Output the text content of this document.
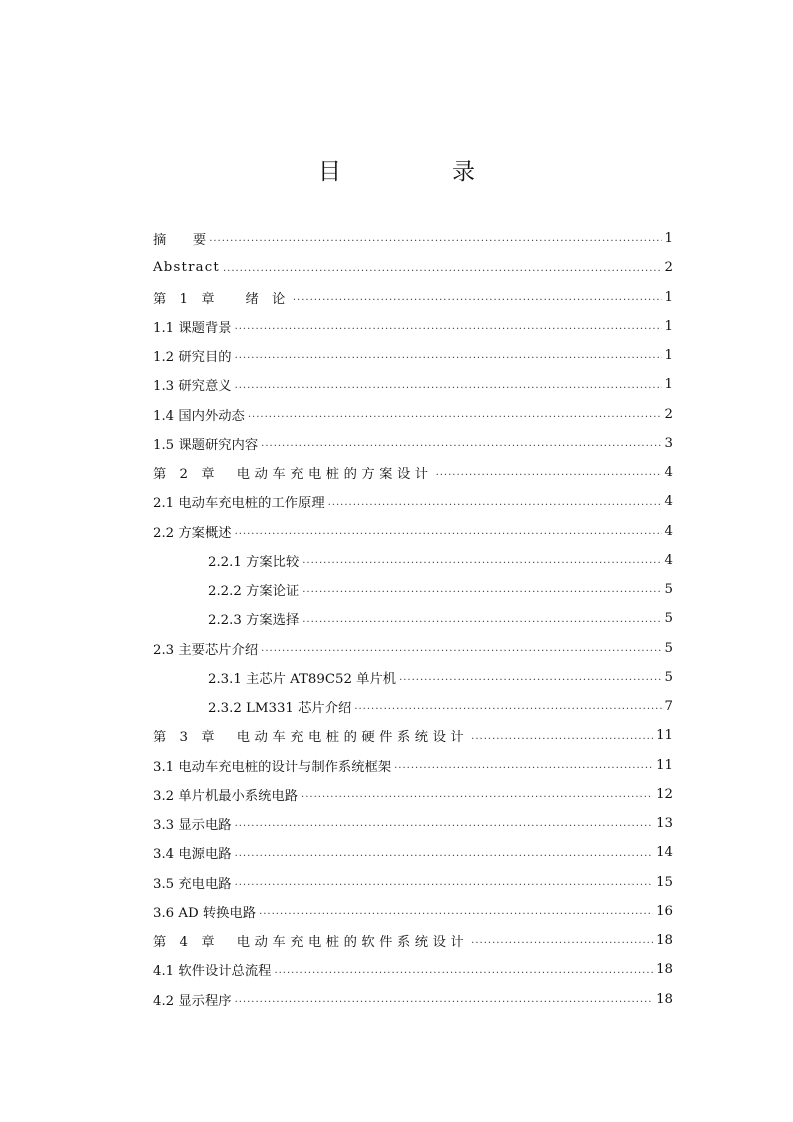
目　录
摘　　要 .....	1
Abstract .....	2
第 1 章　 绪 论 .....	1
1.1 课题背景 .....	1
1.2 研究目的 .....	1
1.3 研究意义 .....	1
1.4 国内外动态 .....	2
1.5 课题研究内容 .....	3
第 2 章　电动车充电桩的方案设计 .....	4
2.1 电动车充电桩的工作原理 .....	4
2.2 方案概述 .....	4
2.2.1 方案比较 .....	4
2.2.2 方案论证 .....	5
2.2.3 方案选择 .....	5
2.3 主要芯片介绍 .....	5
2.3.1 主芯片 AT89C52 单片机 .....	5
2.3.2 LM331 芯片介绍 .....	7
第 3 章　电动车充电桩的硬件系统设计 .....	11
3.1 电动车充电桩的设计与制作系统框架 .....	11
3.2 单片机最小系统电路 .....	12
3.3 显示电路 .....	13
3.4 电源电路 .....	14
3.5 充电电路 .....	15
3.6 AD 转换电路 .....	16
第 4 章　电动车充电桩的软件系统设计 .....	18
4.1 软件设计总流程 .....	18
4.2 显示程序 .....	18
